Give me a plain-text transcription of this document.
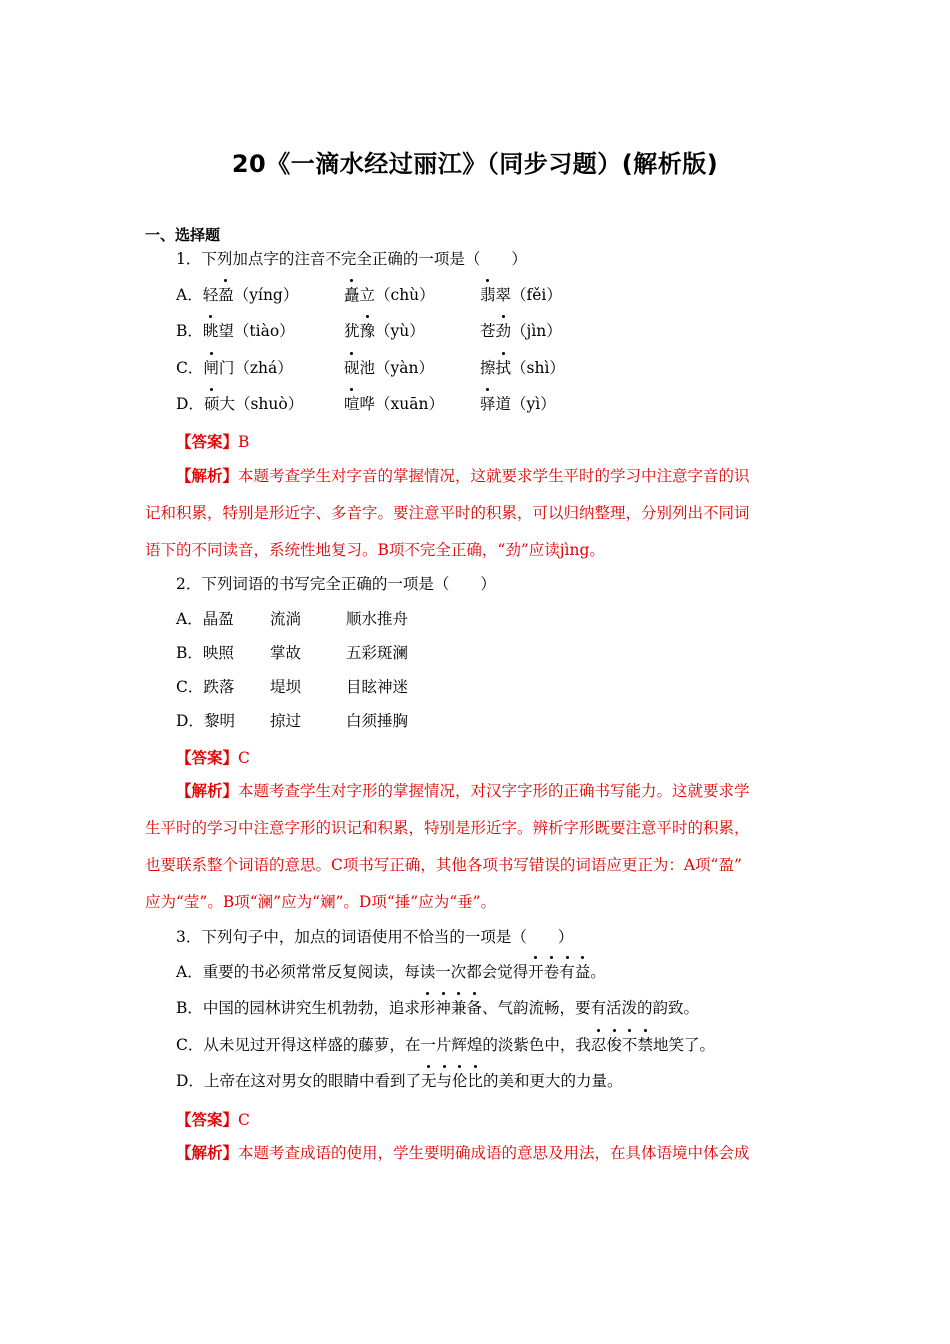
20《一滴水经过丽江》（同步习题）(解析版)
一、选择题
1．下列加点字的注音不完全正确的一项是（　　）
A．轻盈（yíng）	矗立（chù）	翡翠（fěi）
B．眺望（tiào）	犹豫（yù）	苍劲（jìn）
C．闸门（zhá）	砚池（yàn）	擦拭（shì）
D．硕大（shuò）	喧哗（xuān） 驿道（yì）
【答案】B
【解析】本题考查学生对字音的掌握情况，这就要求学生平时的学习中注意字音的识
记和积累，特别是形近字、多音字。要注意平时的积累，可以归纳整理，分别列出不同词
语下的不同读音，系统性地复习。B项不完全正确，“劲”应读jìng。
2．下列词语的书写完全正确的一项是（　　）
A．晶盈 流淌	顺水推舟
B．映照 掌故	五彩斑澜
C．跌落 堤坝	目眩神迷
D．黎明 掠过	白须捶胸
【答案】C
【解析】本题考查学生对字形的掌握情况，对汉字字形的正确书写能力。这就要求学
生平时的学习中注意字形的识记和积累，特别是形近字。辨析字形既要注意平时的积累，
也要联系整个词语的意思。C项书写正确，其他各项书写错误的词语应更正为：A项“盈”
应为“莹”。B项“澜”应为“斓”。D项“捶”应为“垂”。
3．下列句子中，加点的词语使用不恰当的一项是（　　）
A．重要的书必须常常反复阅读，每读一次都会觉得开卷有益。
B．中国的园林讲究生机勃勃，追求形神兼备、气韵流畅，要有活泼的韵致。
C．从未见过开得这样盛的藤萝，在一片辉煌的淡紫色中，我忍俊不禁地笑了。
D．上帝在这对男女的眼睛中看到了无与伦比的美和更大的力量。
【答案】C
【解析】本题考查成语的使用，学生要明确成语的意思及用法，在具体语境中体会成
